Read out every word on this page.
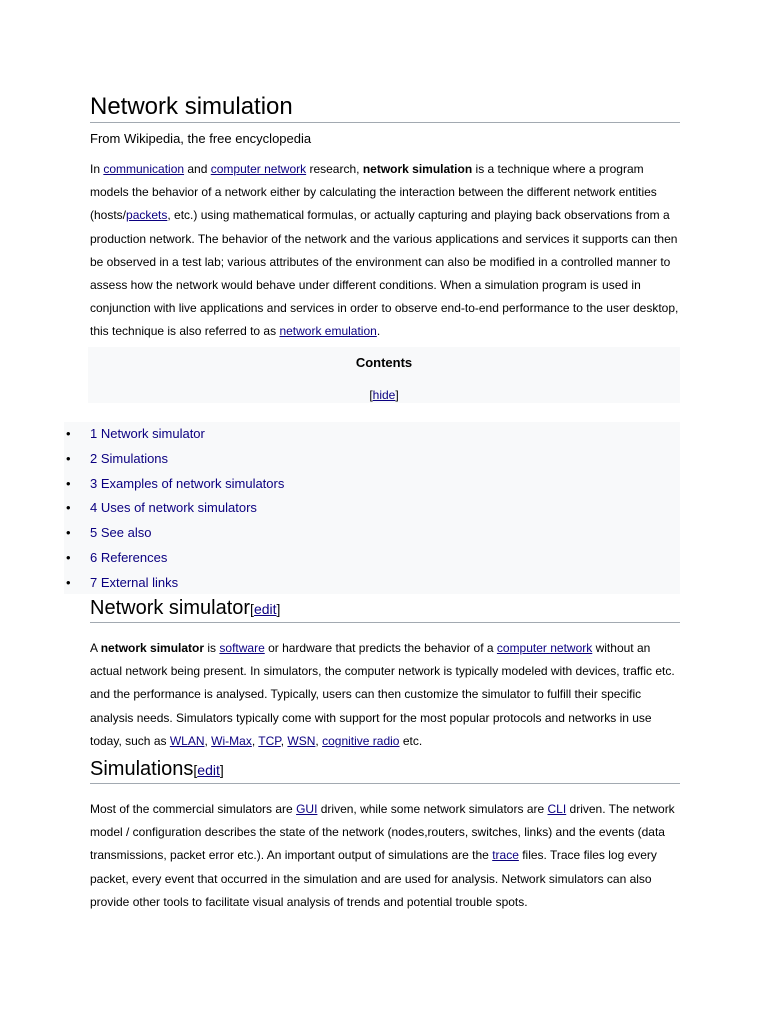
Network simulation
From Wikipedia, the free encyclopedia

In communication and computer network research, network simulation is a technique where a program models the behavior of a network either by calculating the interaction between the different network entities (hosts/packets, etc.) using mathematical formulas, or actually capturing and playing back observations from a production network. The behavior of the network and the various applications and services it supports can then be observed in a test lab; various attributes of the environment can also be modified in a controlled manner to assess how the network would behave under different conditions. When a simulation program is used in conjunction with live applications and services in order to observe end-to-end performance to the user desktop, this technique is also referred to as network emulation.

Contents
[hide]
• 1 Network simulator
• 2 Simulations
• 3 Examples of network simulators
• 4 Uses of network simulators
• 5 See also
• 6 References
• 7 External links
Network simulator[edit]

A network simulator is software or hardware that predicts the behavior of a computer network without an actual network being present. In simulators, the computer network is typically modeled with devices, traffic etc. and the performance is analysed. Typically, users can then customize the simulator to fulfill their specific analysis needs. Simulators typically come with support for the most popular protocols and networks in use today, such as WLAN, Wi-Max, TCP, WSN, cognitive radio etc.

Simulations[edit]

Most of the commercial simulators are GUI driven, while some network simulators are CLI driven. The network model / configuration describes the state of the network (nodes,routers, switches, links) and the events (data transmissions, packet error etc.). An important output of simulations are the trace files. Trace files log every packet, every event that occurred in the simulation and are used for analysis. Network simulators can also provide other tools to facilitate visual analysis of trends and potential trouble spots.
